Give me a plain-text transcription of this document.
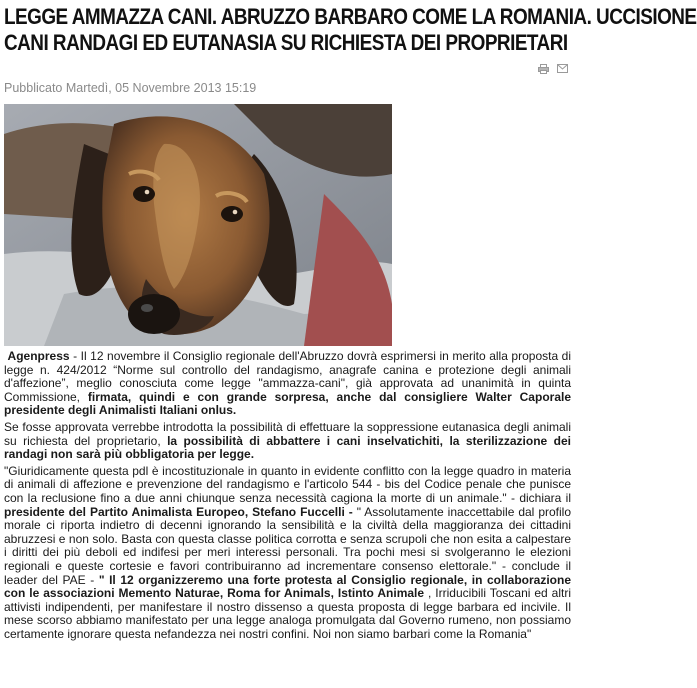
LEGGE AMMAZZA CANI. ABRUZZO BARBARO COME LA ROMANIA. UCCISIONE
CANI RANDAGI ED EUTANASIA SU RICHIESTA DEI PROPRIETARI
Pubblicato Martedì, 05 Novembre 2013 15:19

Agenpress - Il 12 novembre il Consiglio regionale dell'Abruzzo dovrà esprimersi in merito alla proposta di legge n. 424/2012 “Norme sul controllo del randagismo, anagrafe canina e protezione degli animali d'affezione”, meglio conosciuta come legge "ammazza-cani", già approvata ad unanimità in quinta Commissione, firmata, quindi e con grande sorpresa, anche dal consigliere Walter Caporale presidente degli Animalisti Italiani onlus.

Se fosse approvata verrebbe introdotta la possibilità di effettuare la soppressione eutanasica degli animali su richiesta del proprietario, la possibilità di abbattere i cani inselvatichiti, la sterilizzazione dei randagi non sarà più obbligatoria per legge.

"Giuridicamente questa pdl è incostituzionale in quanto in evidente conflitto con la legge quadro in materia di animali di affezione e prevenzione del randagismo e l'articolo 544 - bis del Codice penale che punisce con la reclusione fino a due anni chiunque senza necessità cagiona la morte di un animale." - dichiara il presidente del Partito Animalista Europeo, Stefano Fuccelli - " Assolutamente inaccettabile dal profilo morale ci riporta indietro di decenni ignorando la sensibilità e la civiltà della maggioranza dei cittadini abruzzesi e non solo. Basta con questa classe politica corrotta e senza scrupoli che non esita a calpestare i diritti dei più deboli ed indifesi per meri interessi personali. Tra pochi mesi si svolgeranno le elezioni regionali e queste cortesie e favori contribuiranno ad incrementare consenso elettorale." - conclude il leader del PAE - " Il 12 organizzeremo una forte protesta al Consiglio regionale, in collaborazione con le associazioni Memento Naturae, Roma for Animals, Istinto Animale , Irriducibili Toscani ed altri attivisti indipendenti, per manifestare il nostro dissenso a questa proposta di legge barbara ed incivile. Il mese scorso abbiamo manifestato per una legge analoga promulgata dal Governo rumeno, non possiamo certamente ignorare questa nefandezza nei nostri confini. Noi non siamo barbari come la Romania"
